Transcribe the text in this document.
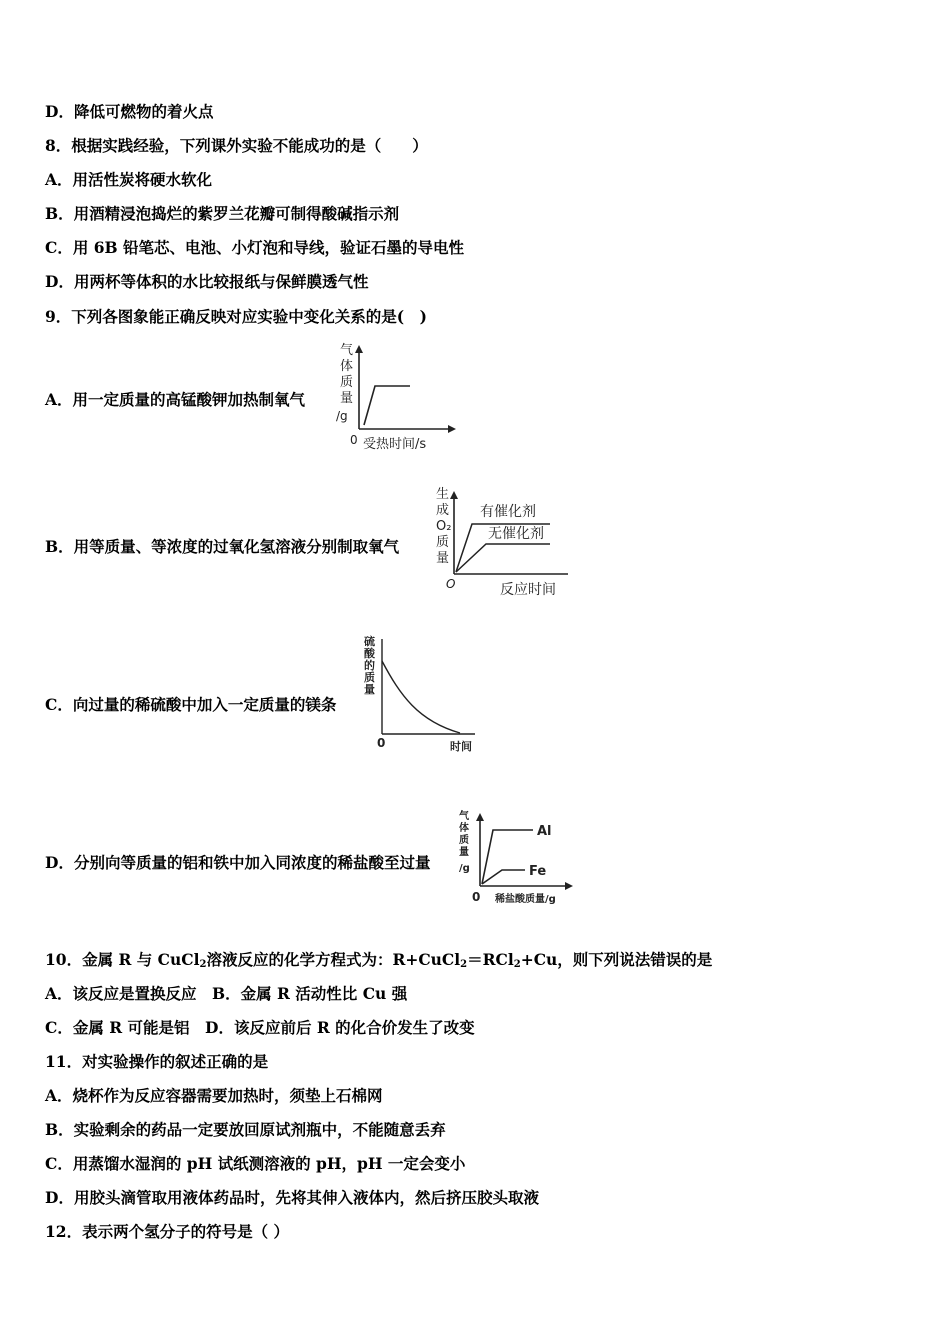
D．降低可燃物的着火点
8．根据实践经验，下列课外实验不能成功的是（　　）
A．用活性炭将硬水软化
B．用酒精浸泡捣烂的紫罗兰花瓣可制得酸碱指示剂
C．用 6B 铅笔芯、电池、小灯泡和导线，验证石墨的导电性
D．用两杯等体积的水比较报纸与保鲜膜透气性
9．下列各图象能正确反映对应实验中变化关系的是(　)
A．用一定质量的高锰酸钾加热制氧气
气
体
质
量
/g
0 受热时间/s
B．用等质量、等浓度的过氧化氢溶液分别制取氧气
生
成
O₂
质
量
有催化剂
无催化剂
O	反应时间
C．向过量的稀硫酸中加入一定质量的镁条
硫
酸
的
质
量
0	时间
D．分别向等质量的铝和铁中加入同浓度的稀盐酸至过量
气
体
质
量
/g
Al
Fe
0 稀盐酸质量/g
10．金属 R 与 CuCl$_2$溶液反应的化学方程式为：R+CuCl$_2$＝RCl$_2$+Cu，则下列说法错误的是
A．该反应是置换反应　B．金属 R 活动性比 Cu 强
C．金属 R 可能是铝　D．该反应前后 R 的化合价发生了改变
11．对实验操作的叙述正确的是
A．烧杯作为反应容器需要加热时，须垫上石棉网
B．实验剩余的药品一定要放回原试剂瓶中，不能随意丢弃
C．用蒸馏水湿润的 pH 试纸测溶液的 pH，pH 一定会变小
D．用胶头滴管取用液体药品时，先将其伸入液体内，然后挤压胶头取液
12．表示两个氢分子的符号是（ ）
